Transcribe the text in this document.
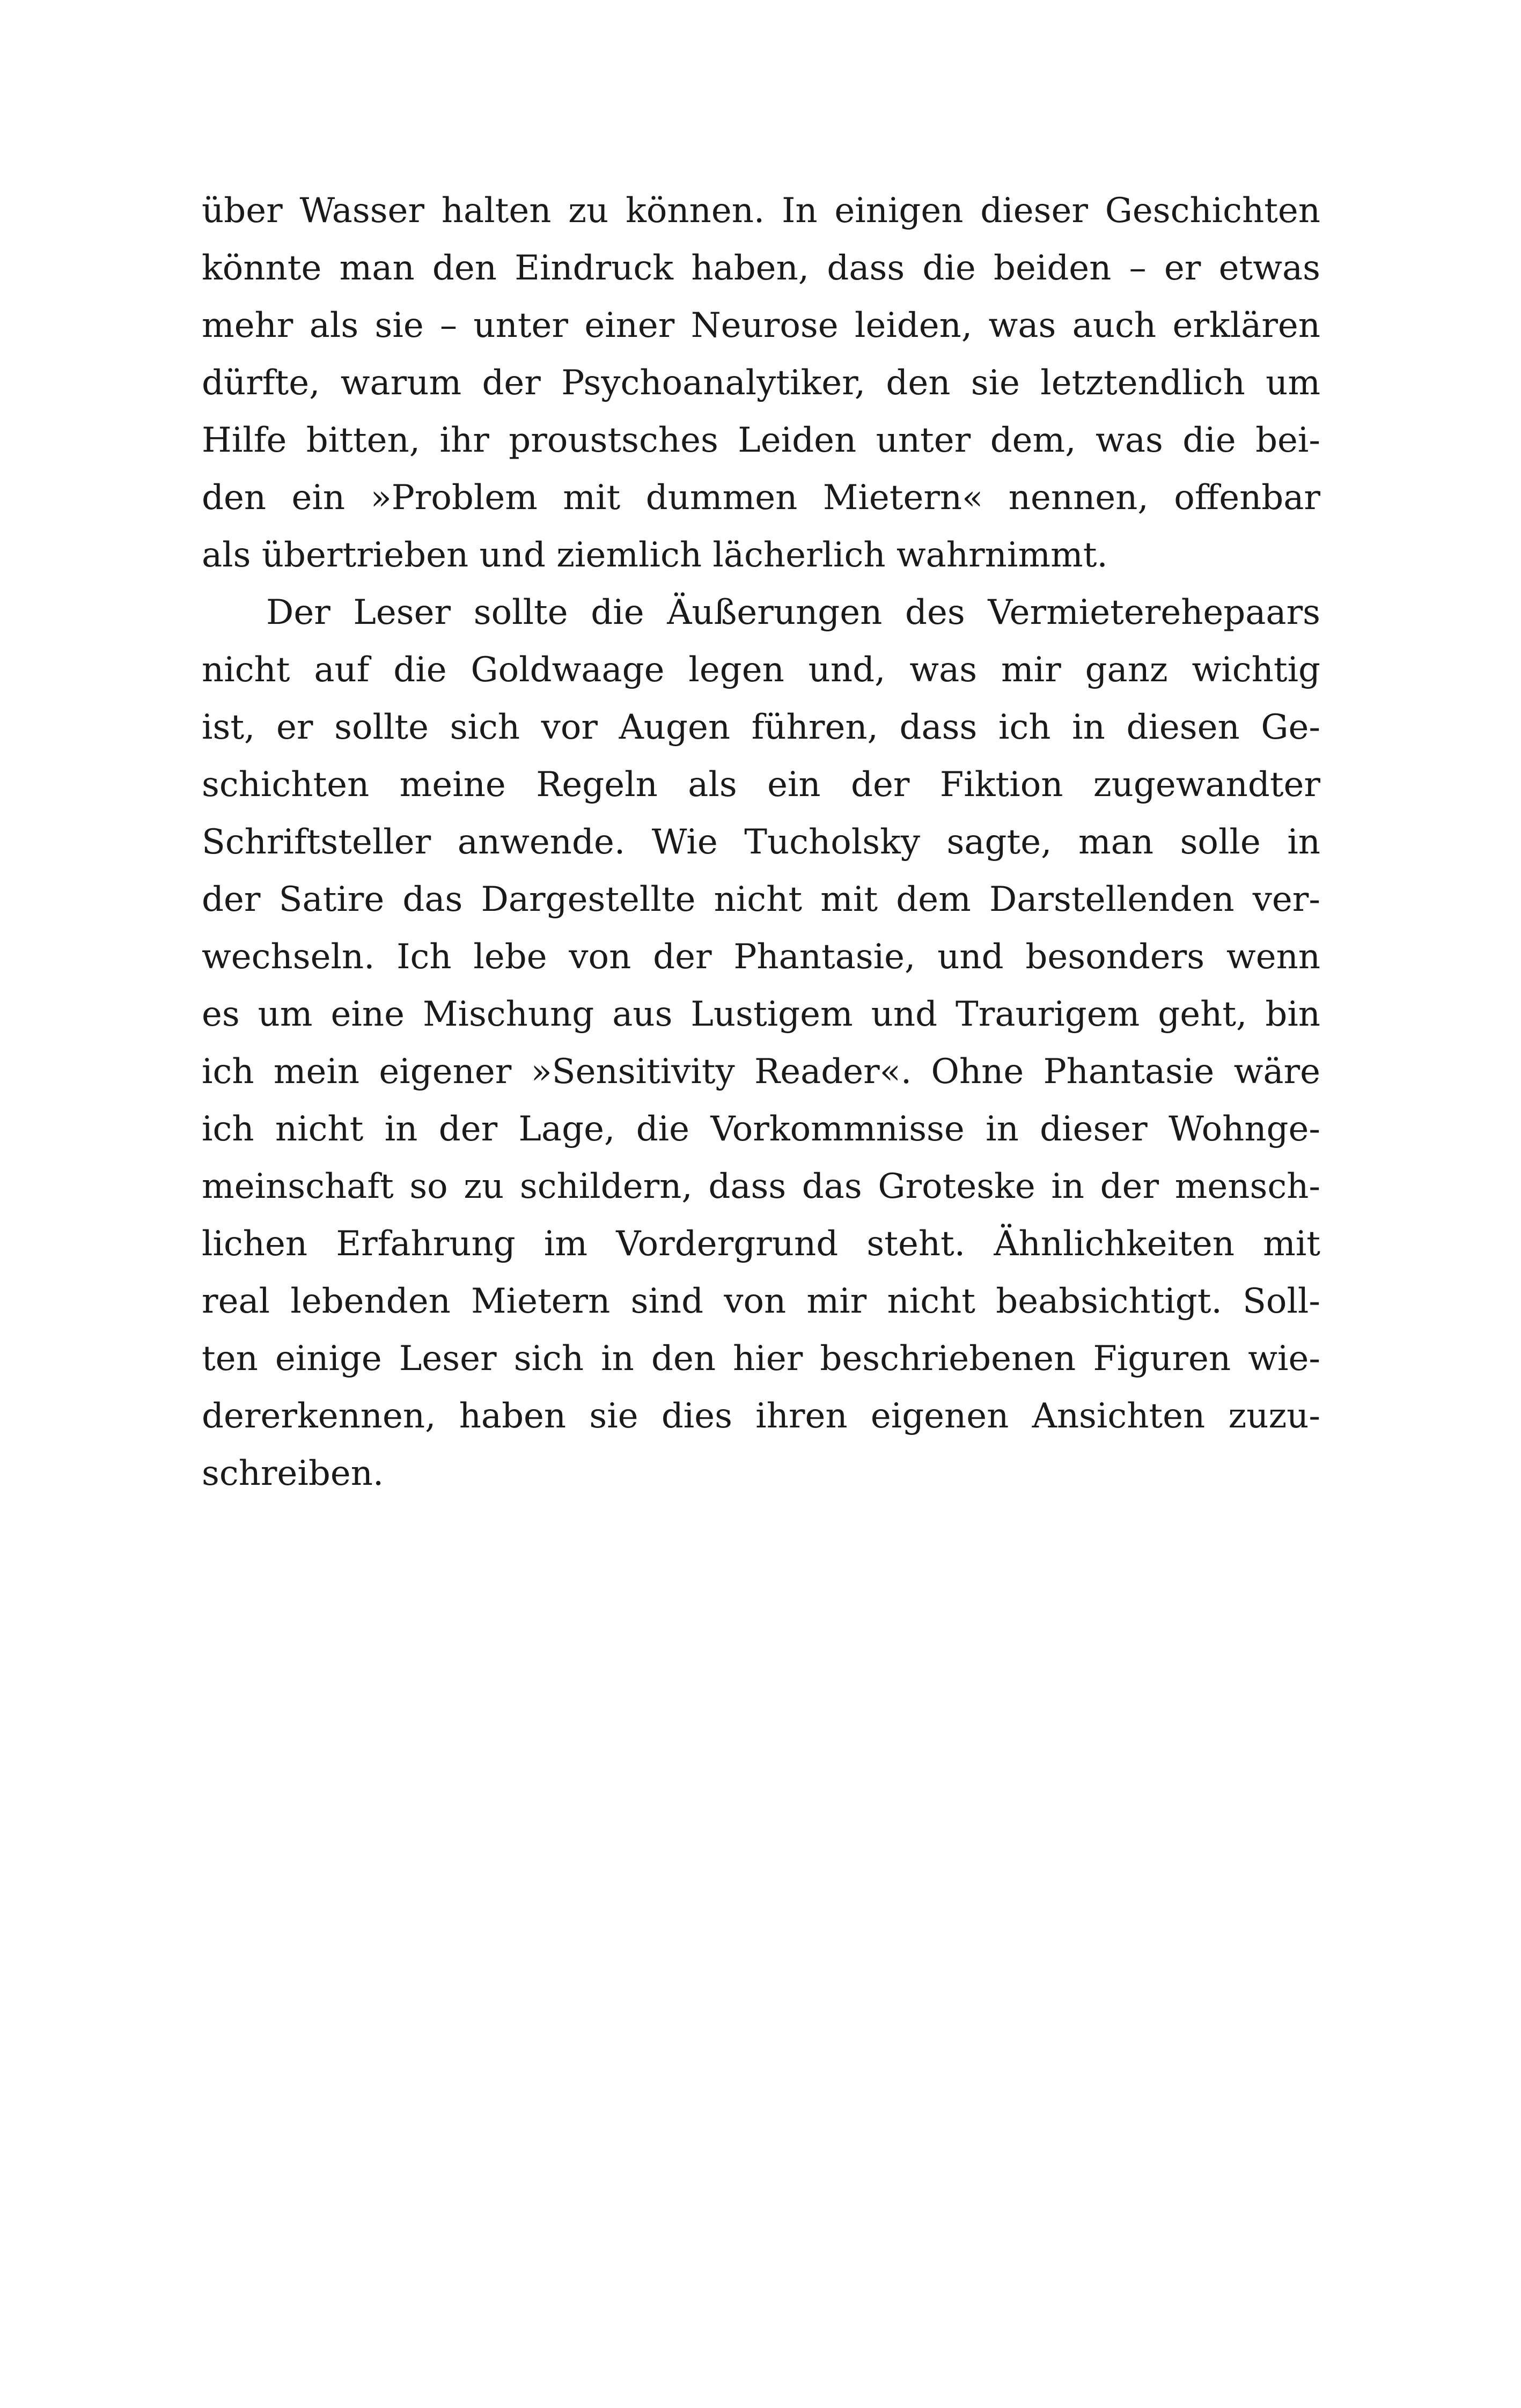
über Wasser halten zu können. In einigen dieser Geschichten
könnte man den Eindruck haben, dass die beiden – er etwas
mehr als sie – unter einer Neurose leiden, was auch erklären
dürfte, warum der Psychoanalytiker, den sie letztendlich um
Hilfe bitten, ihr proustsches Leiden unter dem, was die bei-
den ein »Problem mit dummen Mietern« nennen, offenbar
als übertrieben und ziemlich lächerlich wahrnimmt.
Der Leser sollte die Äußerungen des Vermieterehepaars
nicht auf die Goldwaage legen und, was mir ganz wichtig
ist, er sollte sich vor Augen führen, dass ich in diesen Ge-
schichten meine Regeln als ein der Fiktion zugewandter
Schriftsteller anwende. Wie Tucholsky sagte, man solle in
der Satire das Dargestellte nicht mit dem Darstellenden ver-
wechseln. Ich lebe von der Phantasie, und besonders wenn
es um eine Mischung aus Lustigem und Traurigem geht, bin
ich mein eigener »Sensitivity Reader«. Ohne Phantasie wäre
ich nicht in der Lage, die Vorkommnisse in dieser Wohnge-
meinschaft so zu schildern, dass das Groteske in der mensch-
lichen Erfahrung im Vordergrund steht. Ähnlichkeiten mit
real lebenden Mietern sind von mir nicht beabsichtigt. Soll-
ten einige Leser sich in den hier beschriebenen Figuren wie-
dererkennen, haben sie dies ihren eigenen Ansichten zuzu-
schreiben.
